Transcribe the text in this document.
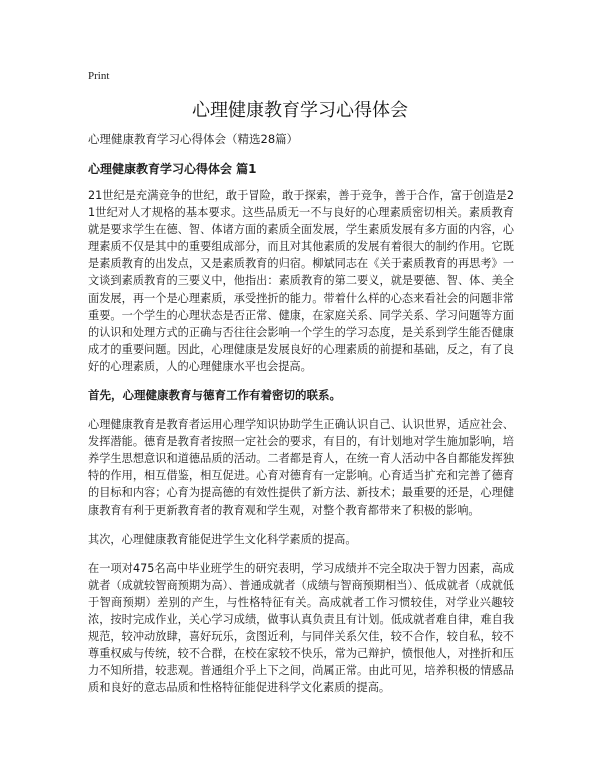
Print
心理健康教育学习心得体会

心理健康教育学习心得体会（精选28篇）

心理健康教育学习心得体会 篇1

21世纪是充满竞争的世纪，敢于冒险，敢于探索，善于竞争，善于合作，富于创造是21世纪对人才规格的基本要求。这些品质无一不与良好的心理素质密切相关。素质教育就是要求学生在德、智、体诸方面的素质全面发展，学生素质发展有多方面的内容，心理素质不仅是其中的重要组成部分，而且对其他素质的发展有着很大的制约作用。它既是素质教育的出发点，又是素质教育的归宿。柳斌同志在《关于素质教育的再思考》一文谈到素质教育的三要义中，他指出：素质教育的第二要义，就是要德、智、体、美全面发展，再一个是心理素质，承受挫折的能力。带着什么样的心态来看社会的问题非常重要。一个学生的心理状态是否正常、健康，在家庭关系、同学关系、学习问题等方面的认识和处理方式的正确与否往往会影响一个学生的学习态度，是关系到学生能否健康成才的重要问题。因此，心理健康是发展良好的心理素质的前提和基础，反之，有了良好的心理素质，人的心理健康水平也会提高。

首先，心理健康教育与德育工作有着密切的联系。

心理健康教育是教育者运用心理学知识协助学生正确认识自己、认识世界，适应社会、发挥潜能。德育是教育者按照一定社会的要求，有目的，有计划地对学生施加影响，培养学生思想意识和道德品质的活动。二者都是育人，在统一育人活动中各自都能发挥独特的作用，相互借鉴，相互促进。心育对德育有一定影响。心育适当扩充和完善了德育的目标和内容；心育为提高德的有效性提供了新方法、新技术；最重要的还是，心理健康教育有利于更新教育者的教育观和学生观，对整个教育都带来了积极的影响。

其次，心理健康教育能促进学生文化科学素质的提高。

在一项对475名高中毕业班学生的研究表明，学习成绩并不完全取决于智力因素，高成就者（成就较智商预期为高）、普通成就者（成绩与智商预期相当）、低成就者（成就低于智商预期）差别的产生，与性格特征有关。高成就者工作习惯较佳，对学业兴趣较浓，按时完成作业，关心学习成绩，做事认真负责且有计划。低成就者难自律，难自我规范，较冲动放肆，喜好玩乐，贪图近利，与同伴关系欠佳，较不合作，较自私，较不尊重权威与传统，较不合群，在校在家较不快乐，常为己辩护，愤恨他人，对挫折和压力不知所措，较悲观。普通组介乎上下之间，尚属正常。由此可见，培养积极的情感品质和良好的意志品质和性格特征能促进科学文化素质的提高。
